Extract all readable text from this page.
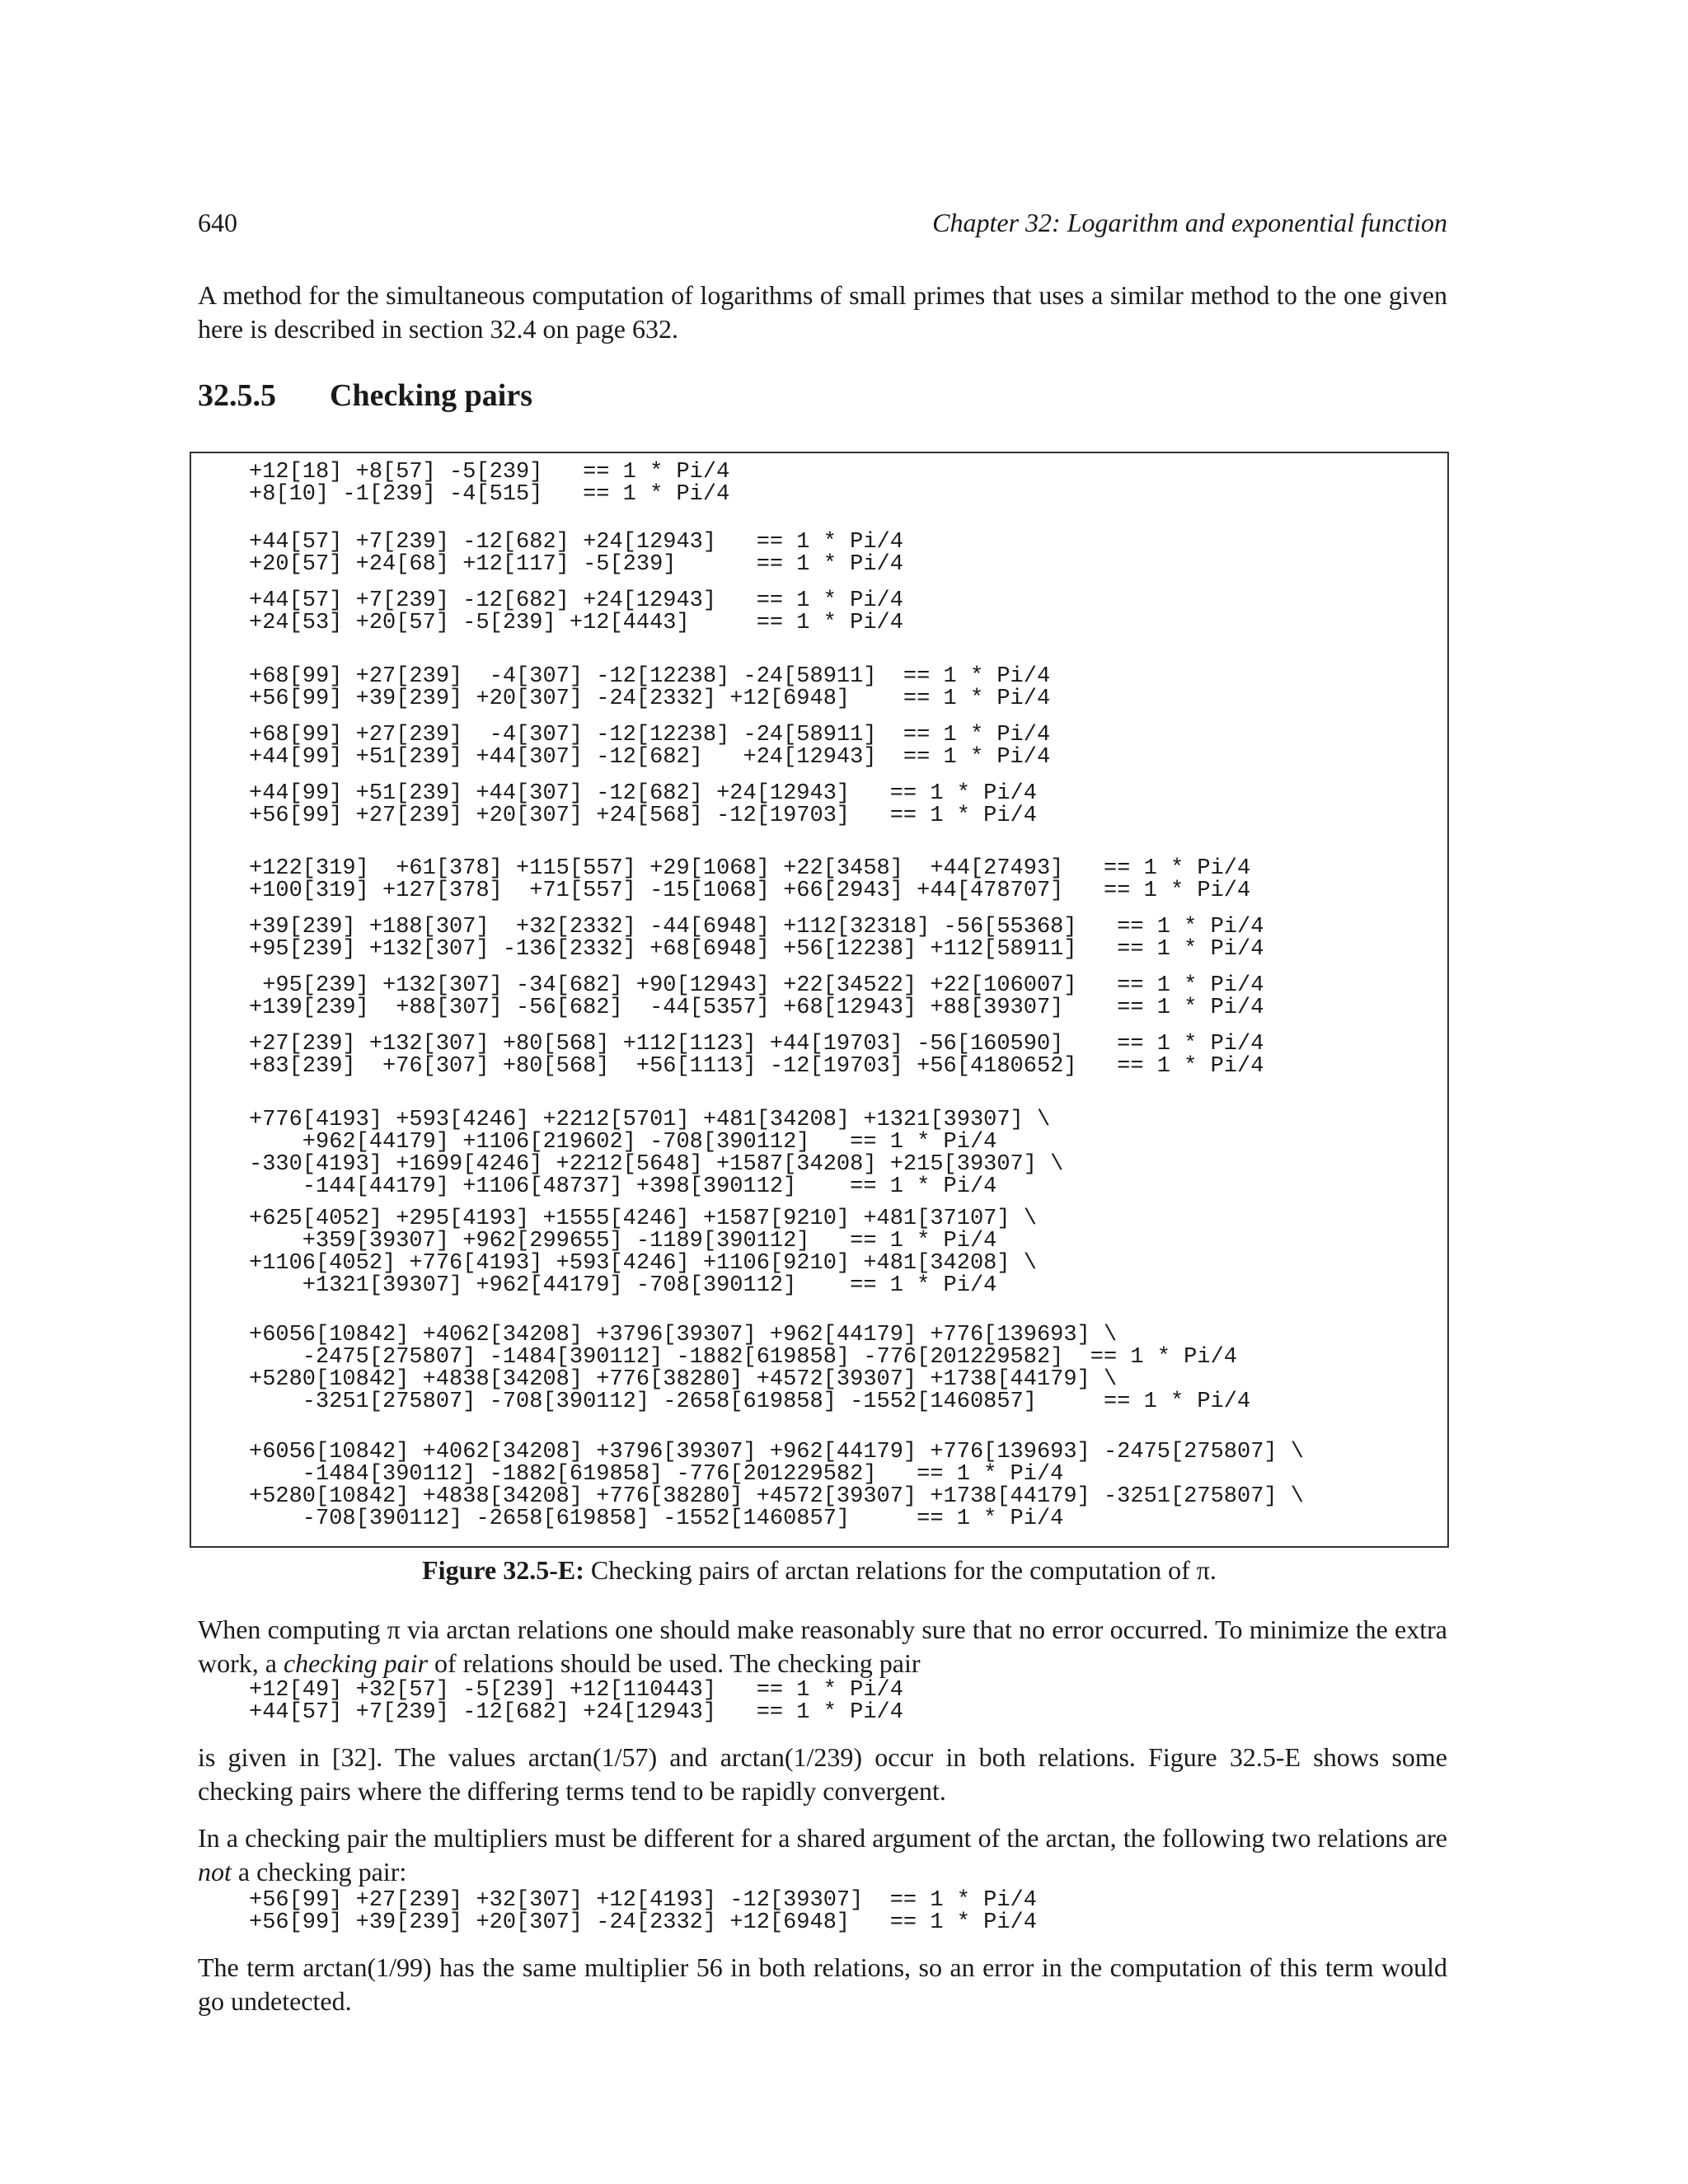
640	Chapter 32: Logarithm and exponential function

A method for the simultaneous computation of logarithms of small primes that uses a similar method to the one given here is described in section 32.4 on page 632.

32.5.5 Checking pairs
+12[18] +8[57] -5[239]   == 1 * Pi/4
+8[10] -1[239] -4[515]   == 1 * Pi/4
+44[57] +7[239] -12[682] +24[12943]   == 1 * Pi/4
+20[57] +24[68] +12[117] -5[239]      == 1 * Pi/4
+44[57] +7[239] -12[682] +24[12943]   == 1 * Pi/4
+24[53] +20[57] -5[239] +12[4443]     == 1 * Pi/4
+68[99] +27[239]  -4[307] -12[12238] -24[58911]  == 1 * Pi/4
+56[99] +39[239] +20[307] -24[2332] +12[6948]    == 1 * Pi/4
+68[99] +27[239]  -4[307] -12[12238] -24[58911]  == 1 * Pi/4
+44[99] +51[239] +44[307] -12[682]   +24[12943]  == 1 * Pi/4
+44[99] +51[239] +44[307] -12[682] +24[12943]   == 1 * Pi/4
+56[99] +27[239] +20[307] +24[568] -12[19703]   == 1 * Pi/4
+122[319]  +61[378] +115[557] +29[1068] +22[3458]  +44[27493]   == 1 * Pi/4
+100[319] +127[378]  +71[557] -15[1068] +66[2943] +44[478707]   == 1 * Pi/4
+39[239] +188[307]  +32[2332] -44[6948] +112[32318] -56[55368]   == 1 * Pi/4
+95[239] +132[307] -136[2332] +68[6948] +56[12238] +112[58911]   == 1 * Pi/4
+95[239] +132[307] -34[682] +90[12943] +22[34522] +22[106007]   == 1 * Pi/4
+139[239]  +88[307] -56[682]  -44[5357] +68[12943] +88[39307]    == 1 * Pi/4
+27[239] +132[307] +80[568] +112[1123] +44[19703] -56[160590]    == 1 * Pi/4
+83[239]  +76[307] +80[568]  +56[1113] -12[19703] +56[4180652]   == 1 * Pi/4
+776[4193] +593[4246] +2212[5701] +481[34208] +1321[39307] \
+962[44179] +1106[219602] -708[390112]   == 1 * Pi/4
-330[4193] +1699[4246] +2212[5648] +1587[34208] +215[39307] \
-144[44179] +1106[48737] +398[390112]    == 1 * Pi/4
+625[4052] +295[4193] +1555[4246] +1587[9210] +481[37107] \
+359[39307] +962[299655] -1189[390112]   == 1 * Pi/4
+1106[4052] +776[4193] +593[4246] +1106[9210] +481[34208] \
+1321[39307] +962[44179] -708[390112]    == 1 * Pi/4
+6056[10842] +4062[34208] +3796[39307] +962[44179] +776[139693] \
-2475[275807] -1484[390112] -1882[619858] -776[201229582]  == 1 * Pi/4
+5280[10842] +4838[34208] +776[38280] +4572[39307] +1738[44179] \
-3251[275807] -708[390112] -2658[619858] -1552[1460857]     == 1 * Pi/4
+6056[10842] +4062[34208] +3796[39307] +962[44179] +776[139693] -2475[275807] \
-1484[390112] -1882[619858] -776[201229582]   == 1 * Pi/4
+5280[10842] +4838[34208] +776[38280] +4572[39307] +1738[44179] -3251[275807] \
-708[390112] -2658[619858] -1552[1460857]     == 1 * Pi/4
Figure 32.5-E: Checking pairs of arctan relations for the computation of π.

When computing π via arctan relations one should make reasonably sure that no error occurred. To minimize the extra work, a checking pair of relations should be used. The checking pair

+12[49] +32[57] -5[239] +12[110443]   == 1 * Pi/4
+44[57] +7[239] -12[682] +24[12943]   == 1 * Pi/4

is given in [32]. The values arctan(1/57) and arctan(1/239) occur in both relations. Figure 32.5-E shows some checking pairs where the differing terms tend to be rapidly convergent.

In a checking pair the multipliers must be different for a shared argument of the arctan, the following two relations are not a checking pair:

+56[99] +27[239] +32[307] +12[4193] -12[39307]  == 1 * Pi/4
+56[99] +39[239] +20[307] -24[2332] +12[6948]   == 1 * Pi/4

The term arctan(1/99) has the same multiplier 56 in both relations, so an error in the computation of this term would go undetected.
